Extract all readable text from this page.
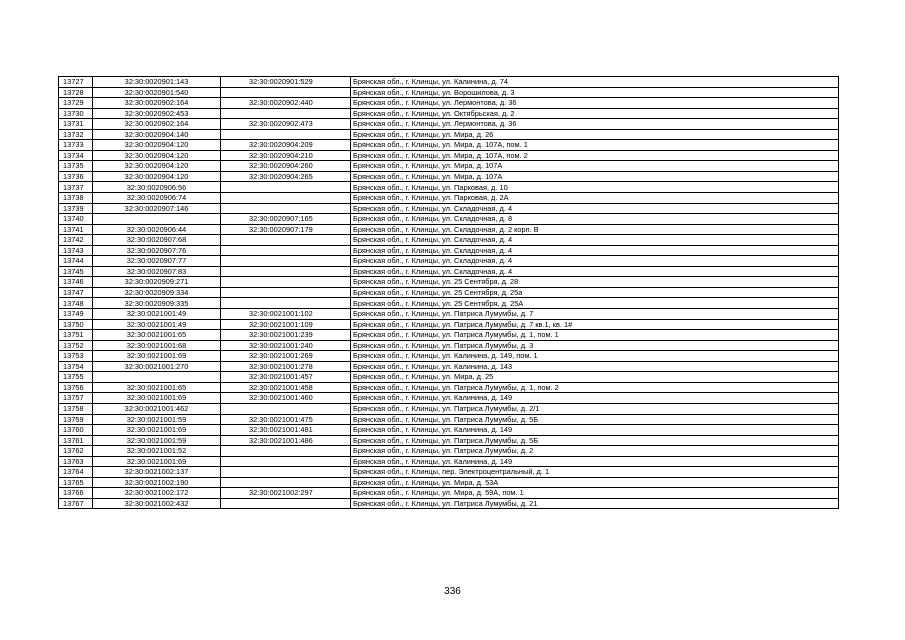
13727	32:30:0020901:143	32:30:0020901:529	Брянская обл., г. Клинцы, ул. Калинина, д. 74
13728	32:30:0020901:540		Брянская обл., г. Клинцы, ул. Ворошилова, д. 3
13729	32:30:0020902:164	32:30:0020902:440	Брянская обл., г. Клинцы, ул. Лермонтова, д. 36
13730	32:30:0020902:453		Брянская обл., г. Клинцы, ул. Октябрьская, д. 2
13731	32:30:0020902:164	32:30:0020902:473	Брянская обл., г. Клинцы, ул. Лермонтова, д. 36
13732	32:30:0020904:140		Брянская обл., г. Клинцы, ул. Мира, д. 26
13733	32:30:0020904:120	32:30:0020904:209	Брянская обл., г. Клинцы, ул. Мира, д. 107А, пом. 1
13734	32:30:0020904:120	32:30:0020904:210	Брянская обл., г. Клинцы, ул. Мира, д. 107А, пом. 2
13735	32:30:0020904:120	32:30:0020904:260	Брянская обл., г. Клинцы, ул. Мира, д. 107А
13736	32:30:0020904:120	32:30:0020904:265	Брянская обл., г. Клинцы, ул. Мира, д. 107А
13737	32:30:0020906:56		Брянская обл., г. Клинцы, ул. Парковая, д. 10
13738	32:30:0020906:74		Брянская обл., г. Клинцы, ул. Парковая, д. 2А
13739	32:30:0020907:146		Брянская обл., г. Клинцы, ул. Складочная, д. 4
13740		32:30:0020907:165	Брянская обл., г. Клинцы, ул. Складочная, д. 8
13741	32:30:0020906:44	32:30:0020907:179	Брянская обл., г. Клинцы, ул. Складочная, д. 2 корп. В
13742	32:30:0020907:68		Брянская обл., г. Клинцы, ул. Складочная, д. 4
13743	32:30:0020907:76		Брянская обл., г. Клинцы, ул. Складочная, д. 4
13744	32:30:0020907:77		Брянская обл., г. Клинцы, ул. Складочная, д. 4
13745	32:30:0020907:83		Брянская обл., г. Клинцы, ул. Складочная, д. 4
13746	32:30:0020909:271		Брянская обл., г. Клинцы, ул. 25 Сентября, д. 28
13747	32:30:0020909:334		Брянская обл., г. Клинцы, ул. 25 Сентября, д. 25а
13748	32:30:0020909:335		Брянская обл., г. Клинцы, ул. 25 Сентября, д. 25А
13749	32:30:0021001:49	32:30:0021001:102	Брянская обл., г. Клинцы, ул. Патриса Лумумбы, д. 7
13750	32:30:0021001:49	32:30:0021001:109	Брянская обл., г. Клинцы, ул. Патриса Лумумбы, д. 7 кв.1, кв. 1#
13751	32:30:0021001:65	32:30:0021001:239	Брянская обл., г. Клинцы, ул. Патриса Лумумбы, д. 1, пом. 1
13752	32:30:0021001:68	32:30:0021001:240	Брянская обл., г. Клинцы, ул. Патриса Лумумбы, д. 3
13753	32:30:0021001:69	32:30:0021001:269	Брянская обл., г. Клинцы, ул. Калинина, д. 149, пом. 1
13754	32:30:0021001:270	32:30:0021001:278	Брянская обл., г. Клинцы, ул. Калинина, д. 143
13755		32:30:0021001:457	Брянская обл., г. Клинцы, ул. Мира, д. 25
13756	32:30:0021001:65	32:30:0021001:458	Брянская обл., г. Клинцы, ул. Патриса Лумумбы, д. 1, пом. 2
13757	32:30:0021001:69	32:30:0021001:460	Брянская обл., г. Клинцы, ул. Калинина, д. 149
13758	32:30:0021001:462		Брянская обл., г. Клинцы, ул. Патриса Лумумбы, д. 2/1
13759	32:30:0021001:59	32:30:0021001:475	Брянская обл., г. Клинцы, ул. Патриса Лумумбы, д. 5Б
13760	32:30:0021001:69	32:30:0021001:481	Брянская обл., г. Клинцы, ул. Калинина, д. 149
13761	32:30:0021001:59	32:30:0021001:486	Брянская обл., г. Клинцы, ул. Патриса Лумумбы, д. 5Б
13762	32:30:0021001:52		Брянская обл., г. Клинцы, ул. Патриса Лумумбы, д. 2
13763	32:30:0021001:69		Брянская обл., г. Клинцы, ул. Калинина, д. 149
13764	32:30:0021002:137		Брянская обл., г. Клинцы, пер. Электроцентральный, д. 1
13765	32:30:0021002:190		Брянская обл., г. Клинцы, ул. Мира, д. 53А
13766	32:30:0021002:172	32:30:0021002:297	Брянская обл., г. Клинцы, ул. Мира, д. 59А, пом. 1
13767	32:30:0021002:432		Брянская обл., г. Клинцы, ул. Патриса Лумумбы, д. 21
336
